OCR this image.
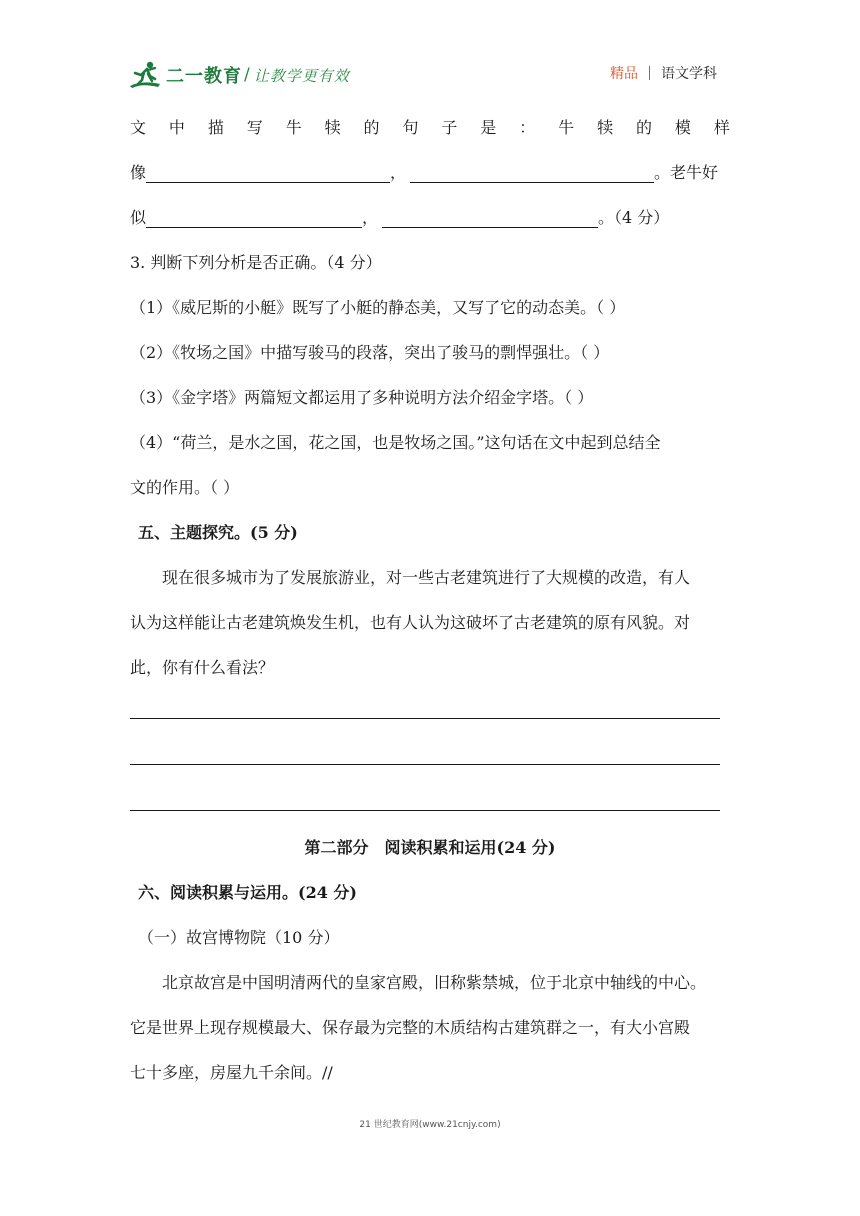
二一教育 / 让教学更有效	精品 语文学科
文 中 描 写 牛 犊 的 句 子 是 ： 牛 犊 的 模 样
像	，	。老牛好
似	，	。（4 分）
3. 判断下列分析是否正确。（4 分）
（1）《威尼斯的小艇》既写了小艇的静态美，又写了它的动态美。（ ）
（2）《牧场之国》中描写骏马的段落，突出了骏马的剽悍强壮。（ ）
（3）《金字塔》两篇短文都运用了多种说明方法介绍金字塔。（ ）
（4）“荷兰，是水之国，花之国，也是牧场之国。”这句话在文中起到总结全
文的作用。（ ）
五、主题探究。(5 分)
现在很多城市为了发展旅游业，对一些古老建筑进行了大规模的改造，有人
认为这样能让古老建筑焕发生机，也有人认为这破坏了古老建筑的原有风貌。对
此，你有什么看法？
第二部分　阅读积累和运用(24 分)
六、阅读积累与运用。(24 分)
（一）故宫博物院（10 分）
北京故宫是中国明清两代的皇家宫殿，旧称紫禁城，位于北京中轴线的中心。
它是世界上现存规模最大、保存最为完整的木质结构古建筑群之一，有大小宫殿
七十多座，房屋九千余间。//
21 世纪教育网(www.21cnjy.com)
